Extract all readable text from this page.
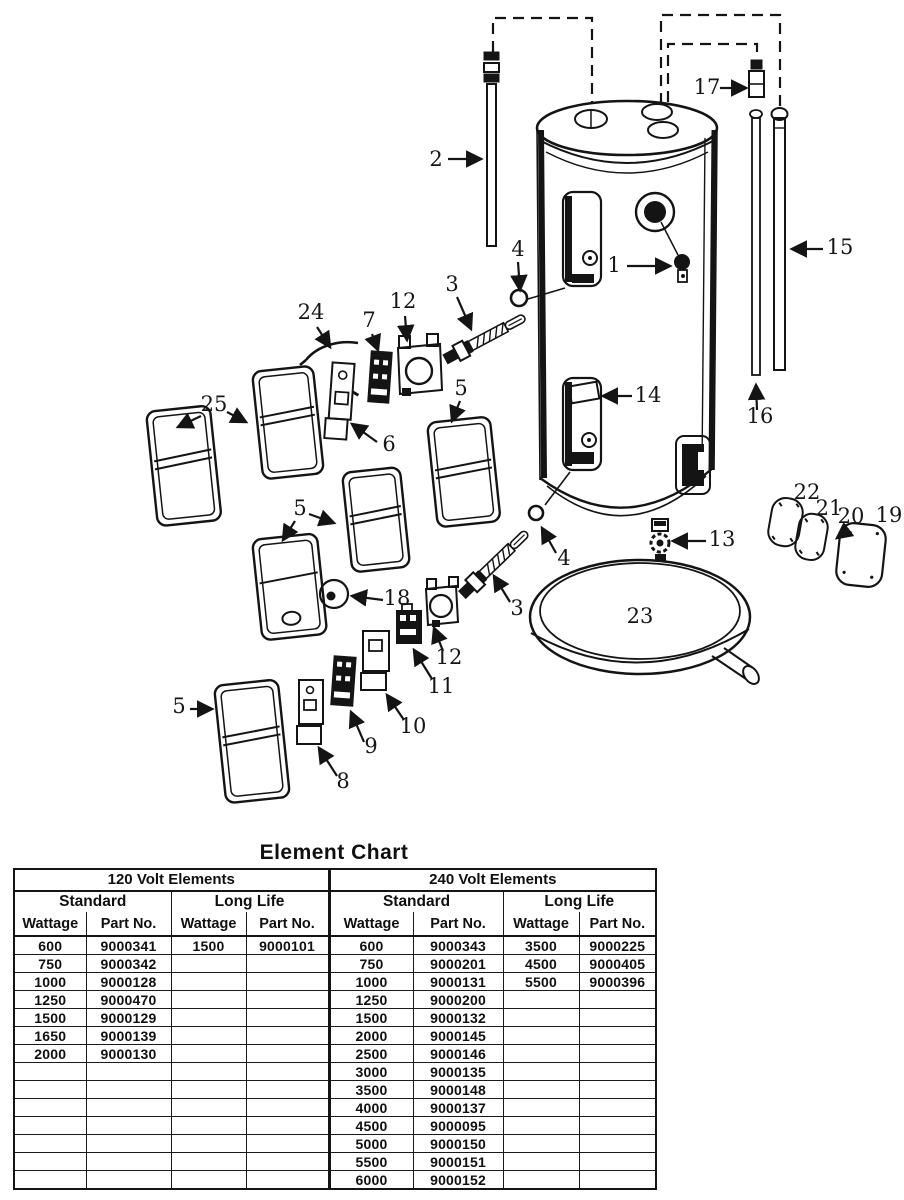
1
2
3
3
4
4
5
5
5
6
7
8
9
10
11
12
12
13
14
15
16
17
18
19
20
21
22
23
24
25
Element Chart
120 Volt Elements				240 Volt Elements			
Standard		Long Life		Standard		Long Life	
Wattage	Part No.	Wattage	Part No.	Wattage	Part No.	Wattage	Part No.
600	9000341	1500	9000101	600	9000343	3500	9000225
750	9000342			750	9000201	4500	9000405
1000	9000128			1000	9000131	5500	9000396
1250	9000470			1250	9000200		
1500	9000129			1500	9000132		
1650	9000139			2000	9000145		
2000	9000130			2500	9000146		
				3000	9000135		
				3500	9000148		
				4000	9000137		
				4500	9000095		
				5000	9000150		
				5500	9000151		
				6000	9000152		
